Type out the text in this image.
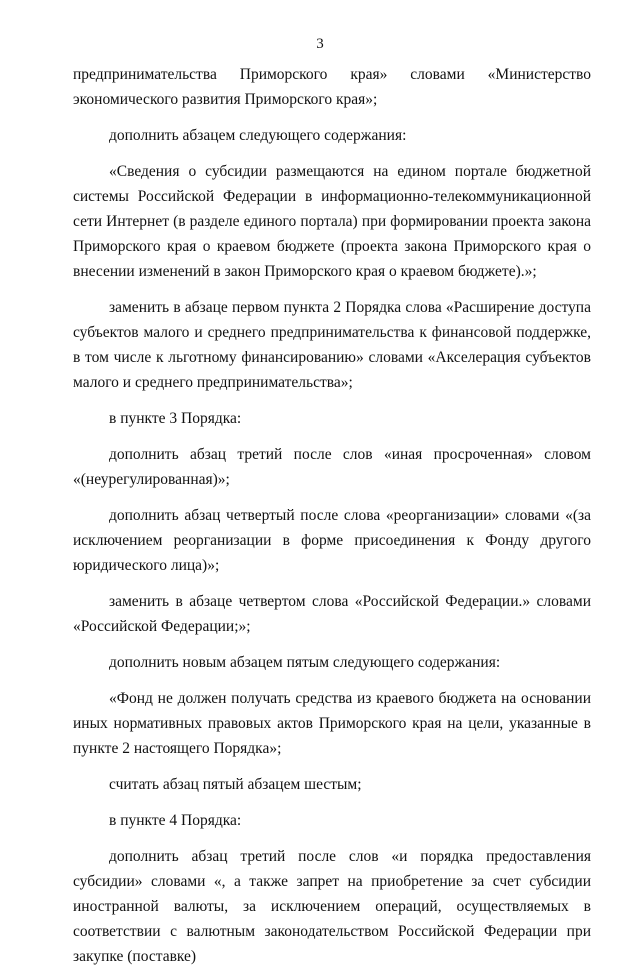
3

предпринимательства Приморского края» словами «Министерство экономического развития Приморского края»;

дополнить абзацем следующего содержания:

«Сведения о субсидии размещаются на едином портале бюджетной системы Российской Федерации в информационно-телекоммуникационной сети Интернет (в разделе единого портала) при формировании проекта закона Приморского края о краевом бюджете (проекта закона Приморского края о внесении изменений в закон Приморского края о краевом бюджете).»;

заменить в абзаце первом пункта 2 Порядка слова «Расширение доступа субъектов малого и среднего предпринимательства к финансовой поддержке, в том числе к льготному финансированию» словами «Акселерация субъектов малого и среднего предпринимательства»;

в пункте 3 Порядка:

дополнить абзац третий после слов «иная просроченная» словом «(неурегулированная)»;

дополнить абзац четвертый после слова «реорганизации» словами «(за исключением реорганизации в форме присоединения к Фонду другого юридического лица)»;

заменить в абзаце четвертом слова «Российской Федерации.» словами «Российской Федерации;»;

дополнить новым абзацем пятым следующего содержания:

«Фонд не должен получать средства из краевого бюджета на основании иных нормативных правовых актов Приморского края на цели, указанные в пункте 2 настоящего Порядка»;

считать абзац пятый абзацем шестым;

в пункте 4 Порядка:

дополнить абзац третий после слов «и порядка предоставления субсидии» словами «, а также запрет на приобретение за счет субсидии иностранной валюты, за исключением операций, осуществляемых в соответствии с валютным законодательством Российской Федерации при закупке (поставке)
